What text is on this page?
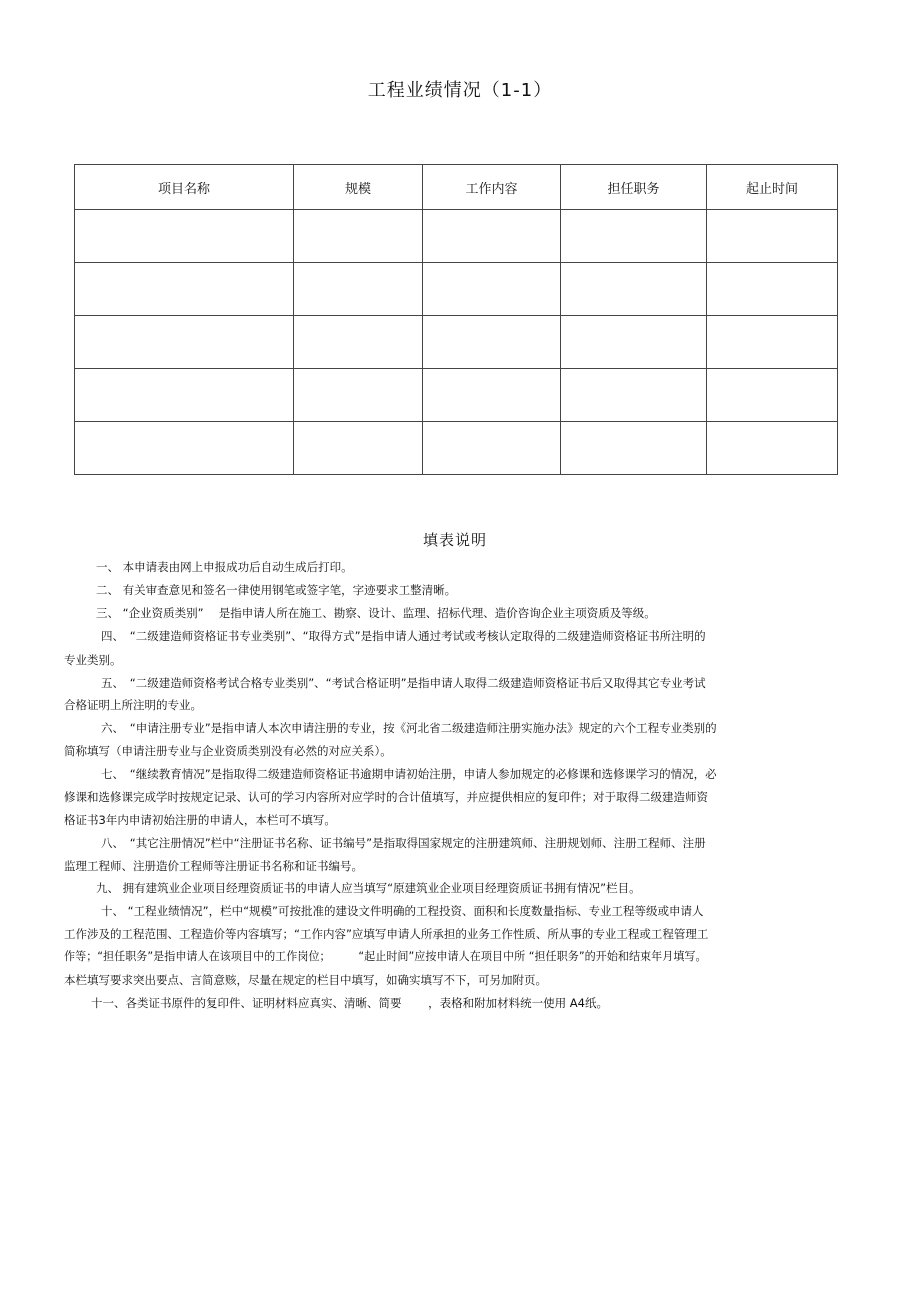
工程业绩情况（1-1）
项目名称	规模	工作内容	担任职务	起止时间

填表说明
一、 本申请表由网上申报成功后自动生成后打印。
二、 有关审查意见和签名一律使用钢笔或签字笔，字迹要求工整清晰。
三、 “企业资质类别”　 是指申请人所在施工、勘察、设计、监理、招标代理、造价咨询企业主项资质及等级。
四、　“二级建造师资格证书专业类别”、“取得方式”是指申请人通过考试或考核认定取得的二级建造师资格证书所注明的
专业类别。
五、　“二级建造师资格考试合格专业类别”、“考试合格证明”是指申请人取得二级建造师资格证书后又取得其它专业考试
合格证明上所注明的专业。
六、　“申请注册专业”是指申请人本次申请注册的专业，按《河北省二级建造师注册实施办法》规定的六个工程专业类别的
简称填写（申请注册专业与企业资质类别没有必然的对应关系）。
七、　“继续教育情况”是指取得二级建造师资格证书逾期申请初始注册，申请人参加规定的必修课和选修课学习的情况，必
修课和选修课完成学时按规定记录、认可的学习内容所对应学时的合计值填写，并应提供相应的复印件；对于取得二级建造师资
格证书3年内申请初始注册的申请人，本栏可不填写。
八、　“其它注册情况”栏中“注册证书名称、证书编号”是指取得国家规定的注册建筑师、注册规划师、注册工程师、注册
监理工程师、注册造价工程师等注册证书名称和证书编号。
九、 拥有建筑业企业项目经理资质证书的申请人应当填写“原建筑业企业项目经理资质证书拥有情况”栏目。
十、 “工程业绩情况”，栏中“规模”可按批准的建设文件明确的工程投资、面积和长度数量指标、专业工程等级或申请人
工作涉及的工程范围、工程造价等内容填写；“工作内容”应填写申请人所承担的业务工作性质、所从事的专业工程或工程管理工
作等；“担任职务”是指申请人在该项目中的工作岗位；　　　“起止时间”应按申请人在项目中所 “担任职务”的开始和结束年月填写。
本栏填写要求突出要点、言简意赅，尽量在规定的栏目中填写，如确实填写不下，可另加附页。
十一、各类证书原件的复印件、证明材料应真实、清晰、简要　　 ，表格和附加材料统一使用 A4纸。
